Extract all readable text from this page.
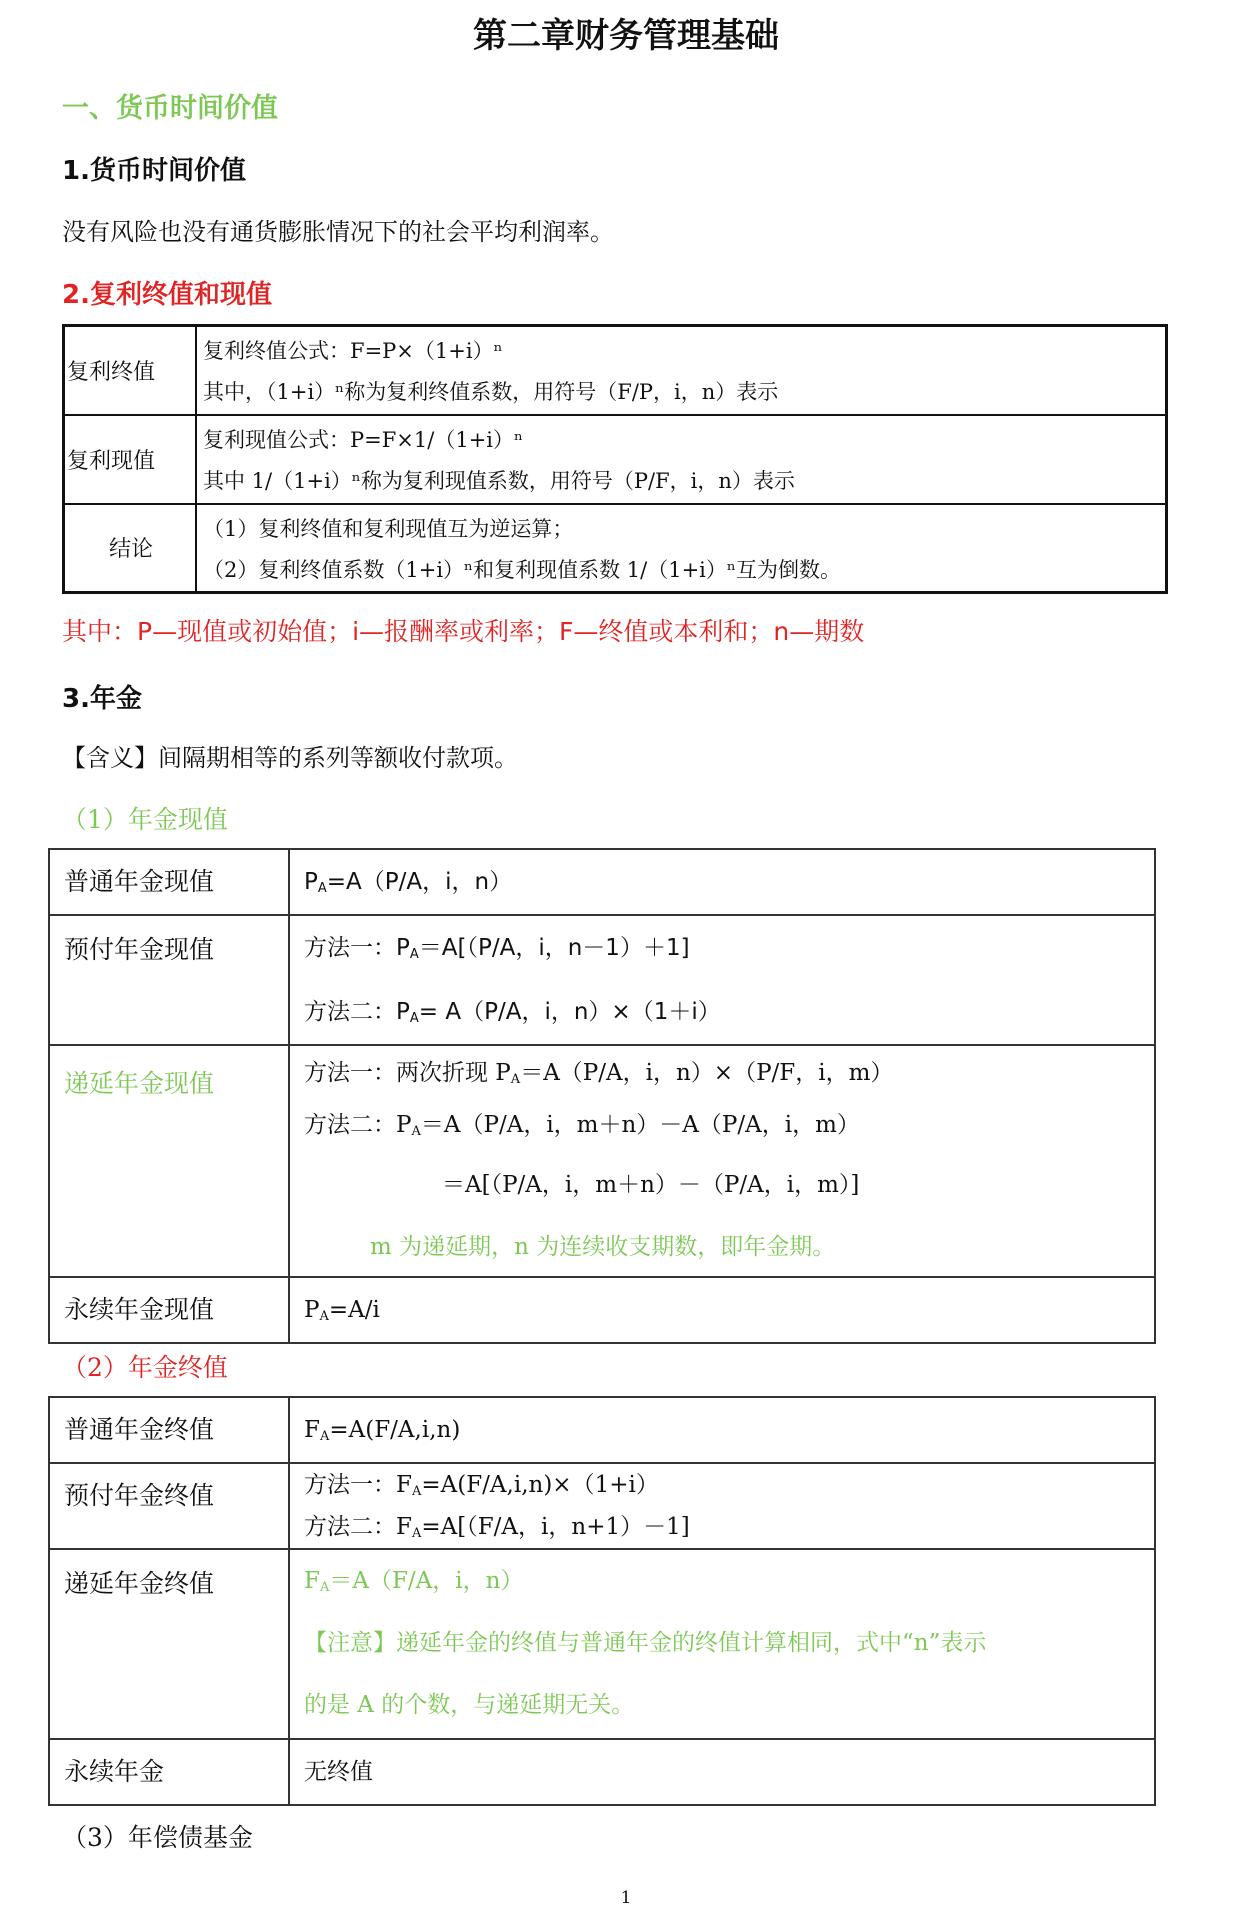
第二章财务管理基础
一、货币时间价值
1.货币时间价值
没有风险也没有通货膨胀情况下的社会平均利润率。
2.复利终值和现值
复利终值	复利终值公式：F=P×（1+i）ⁿ
其中，（1+i）ⁿ称为复利终值系数，用符号（F/P，i，n）表示

复利现值	复利现值公式：P=F×1/（1+i）ⁿ
其中 1/（1+i）ⁿ称为复利现值系数，用符号（P/F，i，n）表示

结论	（1）复利终值和复利现值互为逆运算；
（2）复利终值系数（1+i）ⁿ和复利现值系数 1/（1+i）ⁿ互为倒数。
其中：P—现值或初始值；i—报酬率或利率；F—终值或本利和；n—期数
3.年金
【含义】间隔期相等的系列等额收付款项。
（1）年金现值
普通年金现值	$P_A=A(P/A$，i，n）

预付年金现值	方法一：$P_A=A[(P/A$，i，n－1）＋1]
方法二：$P_A= A(P/A$，i，n）×（1＋i）

递延年金现值	方法一：两次折现 $P_A=A(P/A$，i，n）×（P/F，i，m）
方法二：$P_A=A(P/A$，i，m＋n）－A（P/A，i，m）
＝A[（P/A，i，m＋n）－（P/A，i，m）]
m 为递延期，n 为连续收支期数，即年金期。

永续年金现值	$P_A=A/i$
（2）年金终值
普通年金终值	$F_A=A(F/A,i,n)$

预付年金终值	方法一：$F_A=A(F/A,i,n)\times(1+i)$
方法二：$F_A=A[(F/A$，i，n+1）－1]

递延年金终值	$F_A=A(F/A$，i，n）
【注意】递延年金的终值与普通年金的终值计算相同，式中“n”表示
的是 A 的个数，与递延期无关。

永续年金	无终值
（3）年偿债基金
1
